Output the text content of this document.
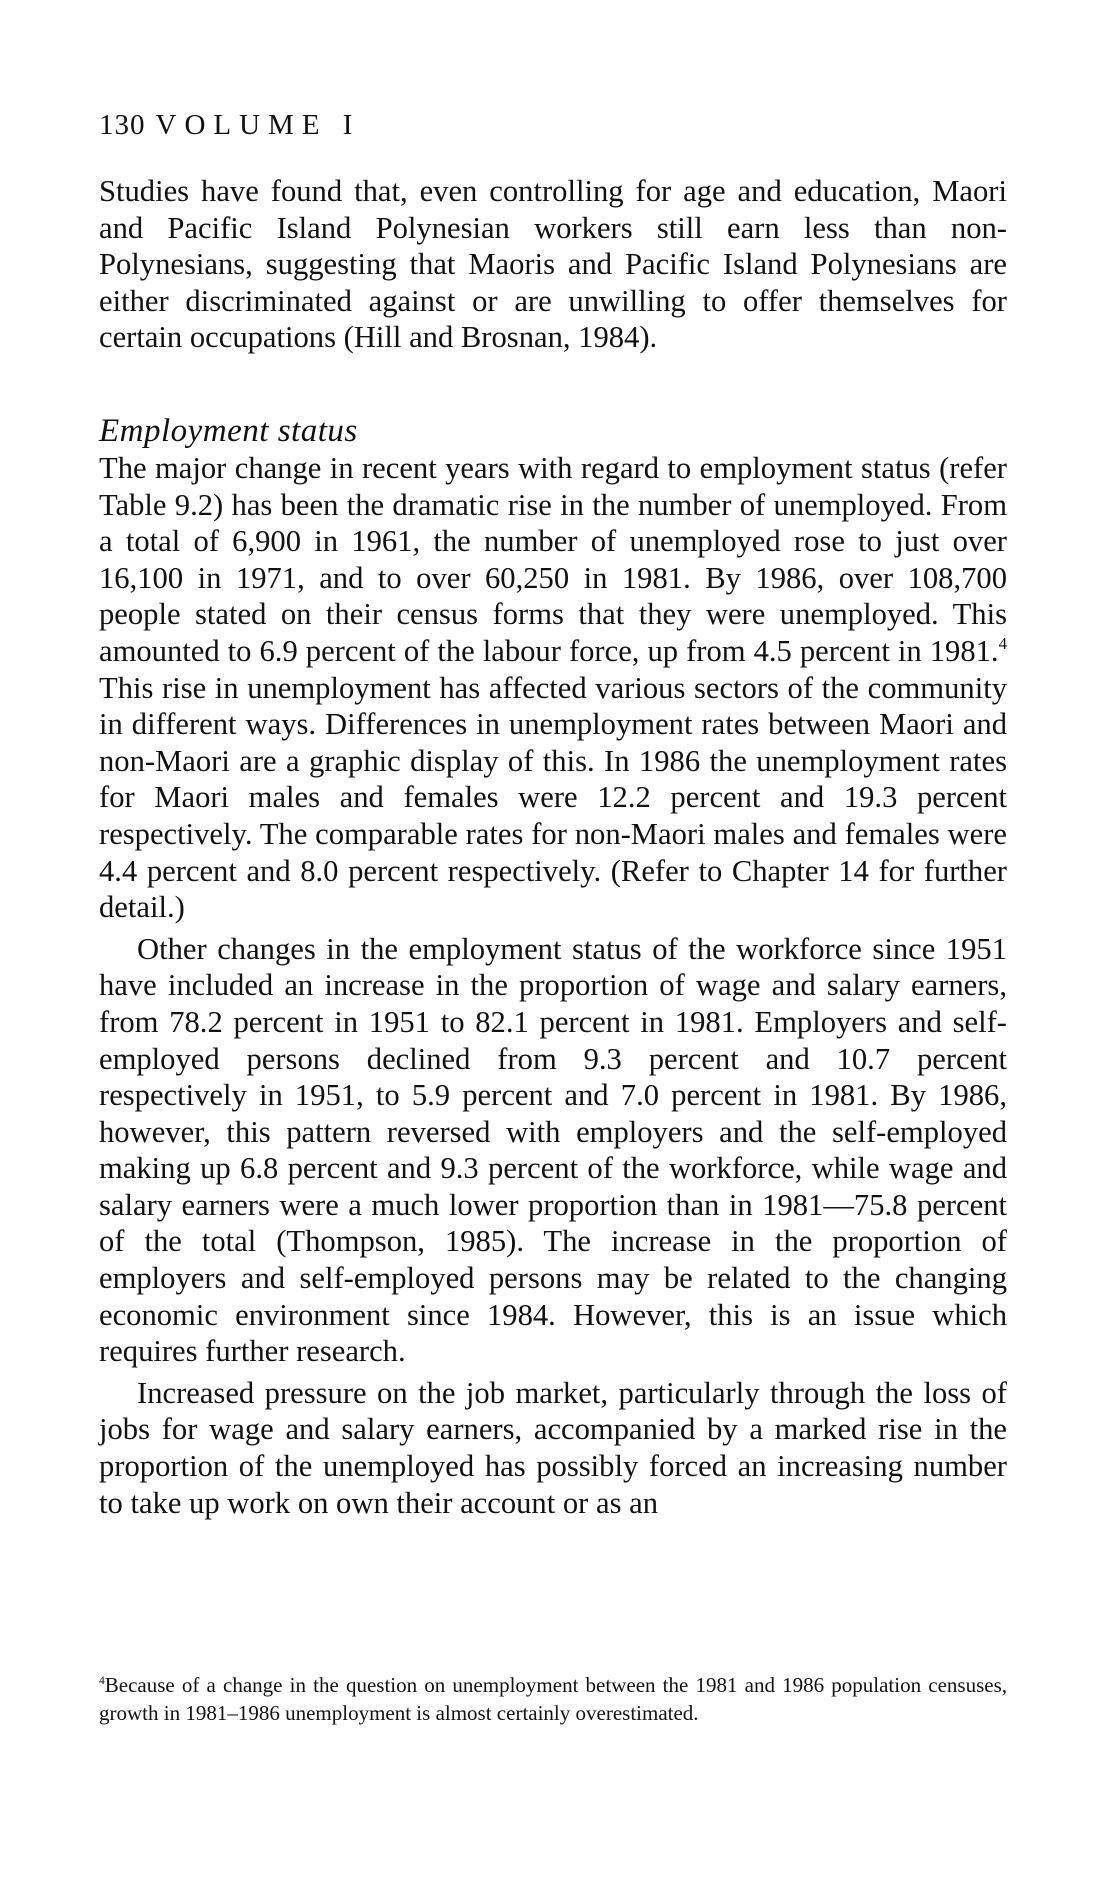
130 VOLUME I

Studies have found that, even controlling for age and education, Maori and Pacific Island Polynesian workers still earn less than non-Polynesians, suggesting that Maoris and Pacific Island Polynesians are either discriminated against or are unwilling to offer themselves for certain occupations (Hill and Brosnan, 1984).

Employment status

The major change in recent years with regard to employment status (refer Table 9.2) has been the dramatic rise in the number of unemployed. From a total of 6,900 in 1961, the number of unemployed rose to just over 16,100 in 1971, and to over 60,250 in 1981. By 1986, over 108,700 people stated on their census forms that they were unemployed. This amounted to 6.9 percent of the labour force, up from 4.5 percent in 1981.$^4$ This rise in unemployment has affected various sectors of the community in different ways. Differences in unemployment rates between Maori and non-Maori are a graphic display of this. In 1986 the unemployment rates for Maori males and females were 12.2 percent and 19.3 percent respectively. The comparable rates for non-Maori males and females were 4.4 percent and 8.0 percent respectively. (Refer to Chapter 14 for further detail.)

Other changes in the employment status of the workforce since 1951 have included an increase in the proportion of wage and salary earners, from 78.2 percent in 1951 to 82.1 percent in 1981. Employers and self-employed persons declined from 9.3 percent and 10.7 percent respectively in 1951, to 5.9 percent and 7.0 percent in 1981. By 1986, however, this pattern reversed with employers and the self-employed making up 6.8 percent and 9.3 percent of the workforce, while wage and salary earners were a much lower proportion than in 1981—75.8 percent of the total (Thompson, 1985). The increase in the proportion of employers and self-employed persons may be related to the changing economic environment since 1984. However, this is an issue which requires further research.

Increased pressure on the job market, particularly through the loss of jobs for wage and salary earners, accompanied by a marked rise in the proportion of the unemployed has possibly forced an increasing number to take up work on own their account or as an

$^4$Because of a change in the question on unemployment between the 1981 and 1986 population censuses, growth in 1981–1986 unemployment is almost certainly overestimated.
